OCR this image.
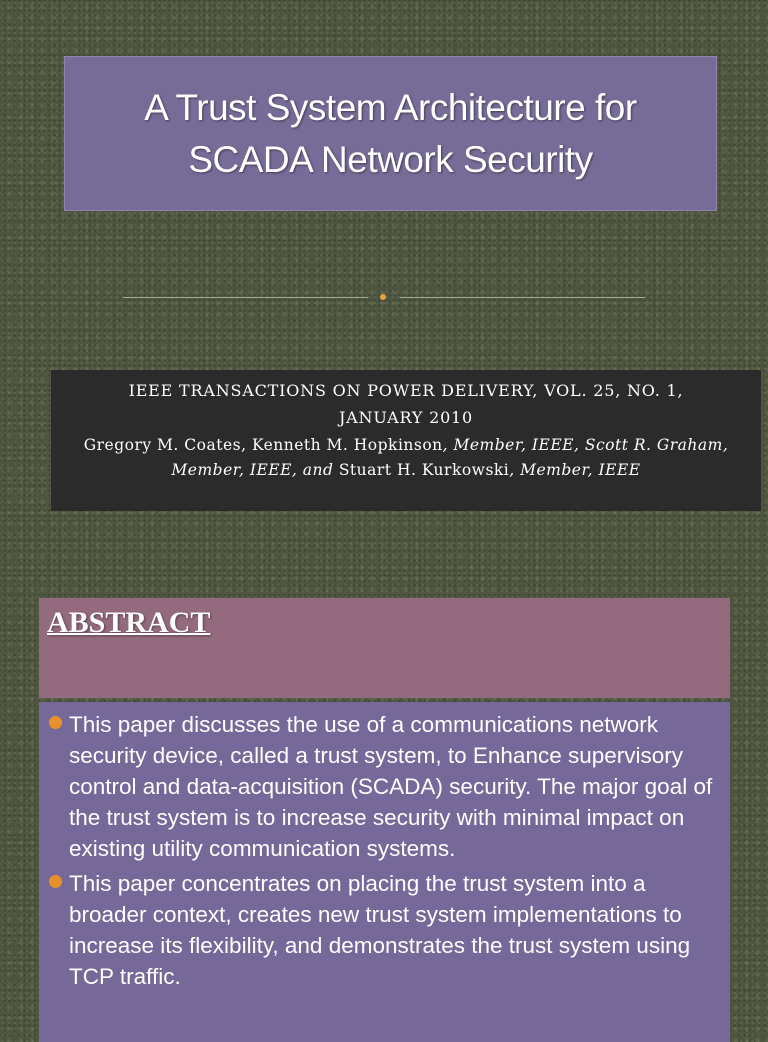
A Trust System Architecture for
SCADA Network Security
IEEE TRANSACTIONS ON POWER DELIVERY, VOL. 25, NO. 1,
JANUARY 2010
Gregory M. Coates, Kenneth M. Hopkinson, Member, IEEE, Scott R. Graham, Member, IEEE, and Stuart H. Kurkowski, Member, IEEE
ABSTRACT
This paper discusses the use of a communications network security device, called a trust system, to Enhance supervisory control and data-acquisition (SCADA) security. The major goal of the trust system is to increase security with minimal impact on existing utility communication systems.
This paper concentrates on placing the trust system into a broader context, creates new trust system implementations to increase its flexibility, and demonstrates the trust system using TCP traffic.
